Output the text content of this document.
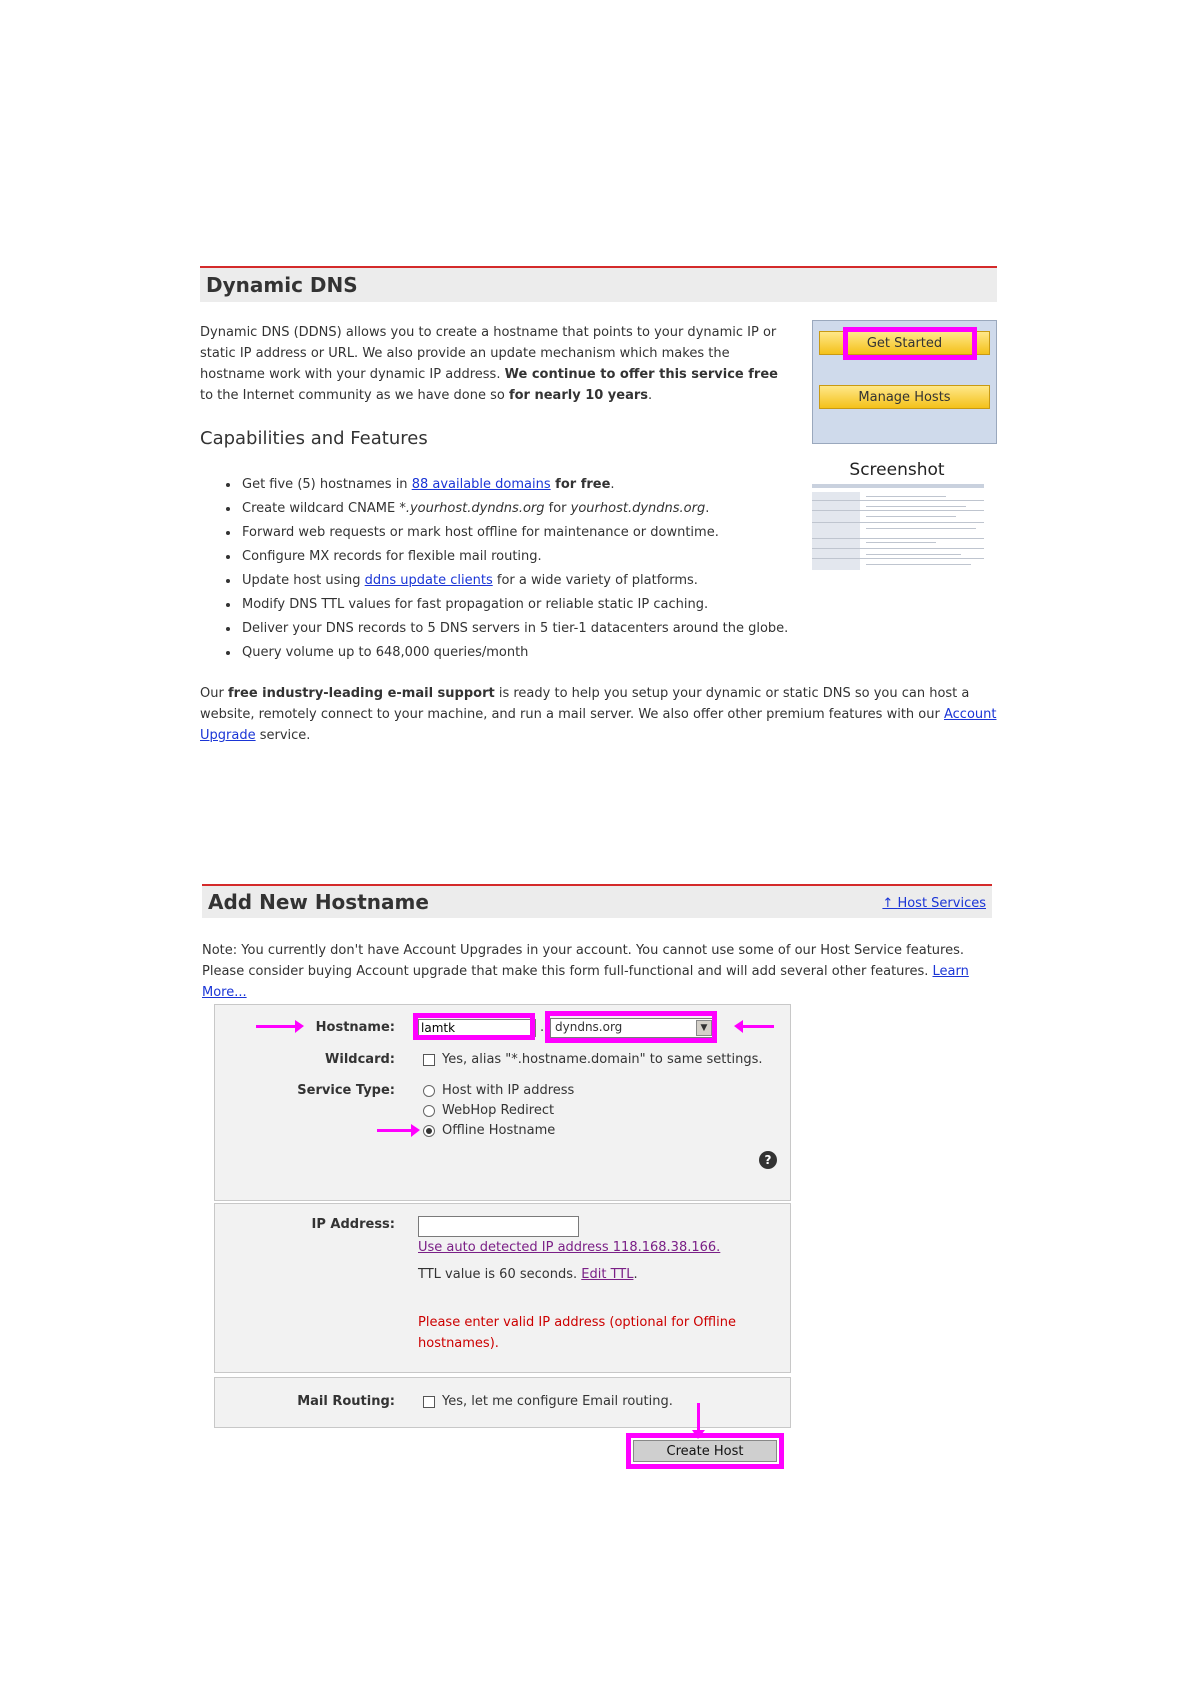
Dynamic DNS
Dynamic DNS (DDNS) allows you to create a hostname that points to your dynamic IP or static IP address or URL. We also provide an update mechanism which makes the hostname work with your dynamic IP address. We continue to offer this service free to the Internet community as we have done so for nearly 10 years.
Get Started
Manage Hosts
Capabilities and Features
Screenshot
• Get five (5) hostnames in 88 available domains for free.
• Create wildcard CNAME *.yourhost.dyndns.org for yourhost.dyndns.org.
• Forward web requests or mark host offline for maintenance or downtime.
• Configure MX records for flexible mail routing.
• Update host using ddns update clients for a wide variety of platforms.
• Modify DNS TTL values for fast propagation or reliable static IP caching.
• Deliver your DNS records to 5 DNS servers in 5 tier-1 datacenters around the globe.
• Query volume up to 648,000 queries/month
Our free industry-leading e-mail support is ready to help you setup your dynamic or static DNS so you can host a website, remotely connect to your machine, and run a mail server. We also offer other premium features with our Account Upgrade service.
Add New Hostname	↑ Host Services
Note: You currently don't have Account Upgrades in your account. You cannot use some of our Host Service features. Please consider buying Account upgrade that make this form full-functional and will add several other features. Learn More...
Hostname:
lamtk	. dyndns.org	▼
Wildcard:	Yes, alias "*.hostname.domain" to same settings.
Service Type:	Host with IP address
WebHop Redirect
Offline Hostname
?
IP Address:
Use auto detected IP address 118.168.38.166.
TTL value is 60 seconds. Edit TTL.
Please enter valid IP address (optional for Offline hostnames).
Mail Routing:	Yes, let me configure Email routing.
Create Host
